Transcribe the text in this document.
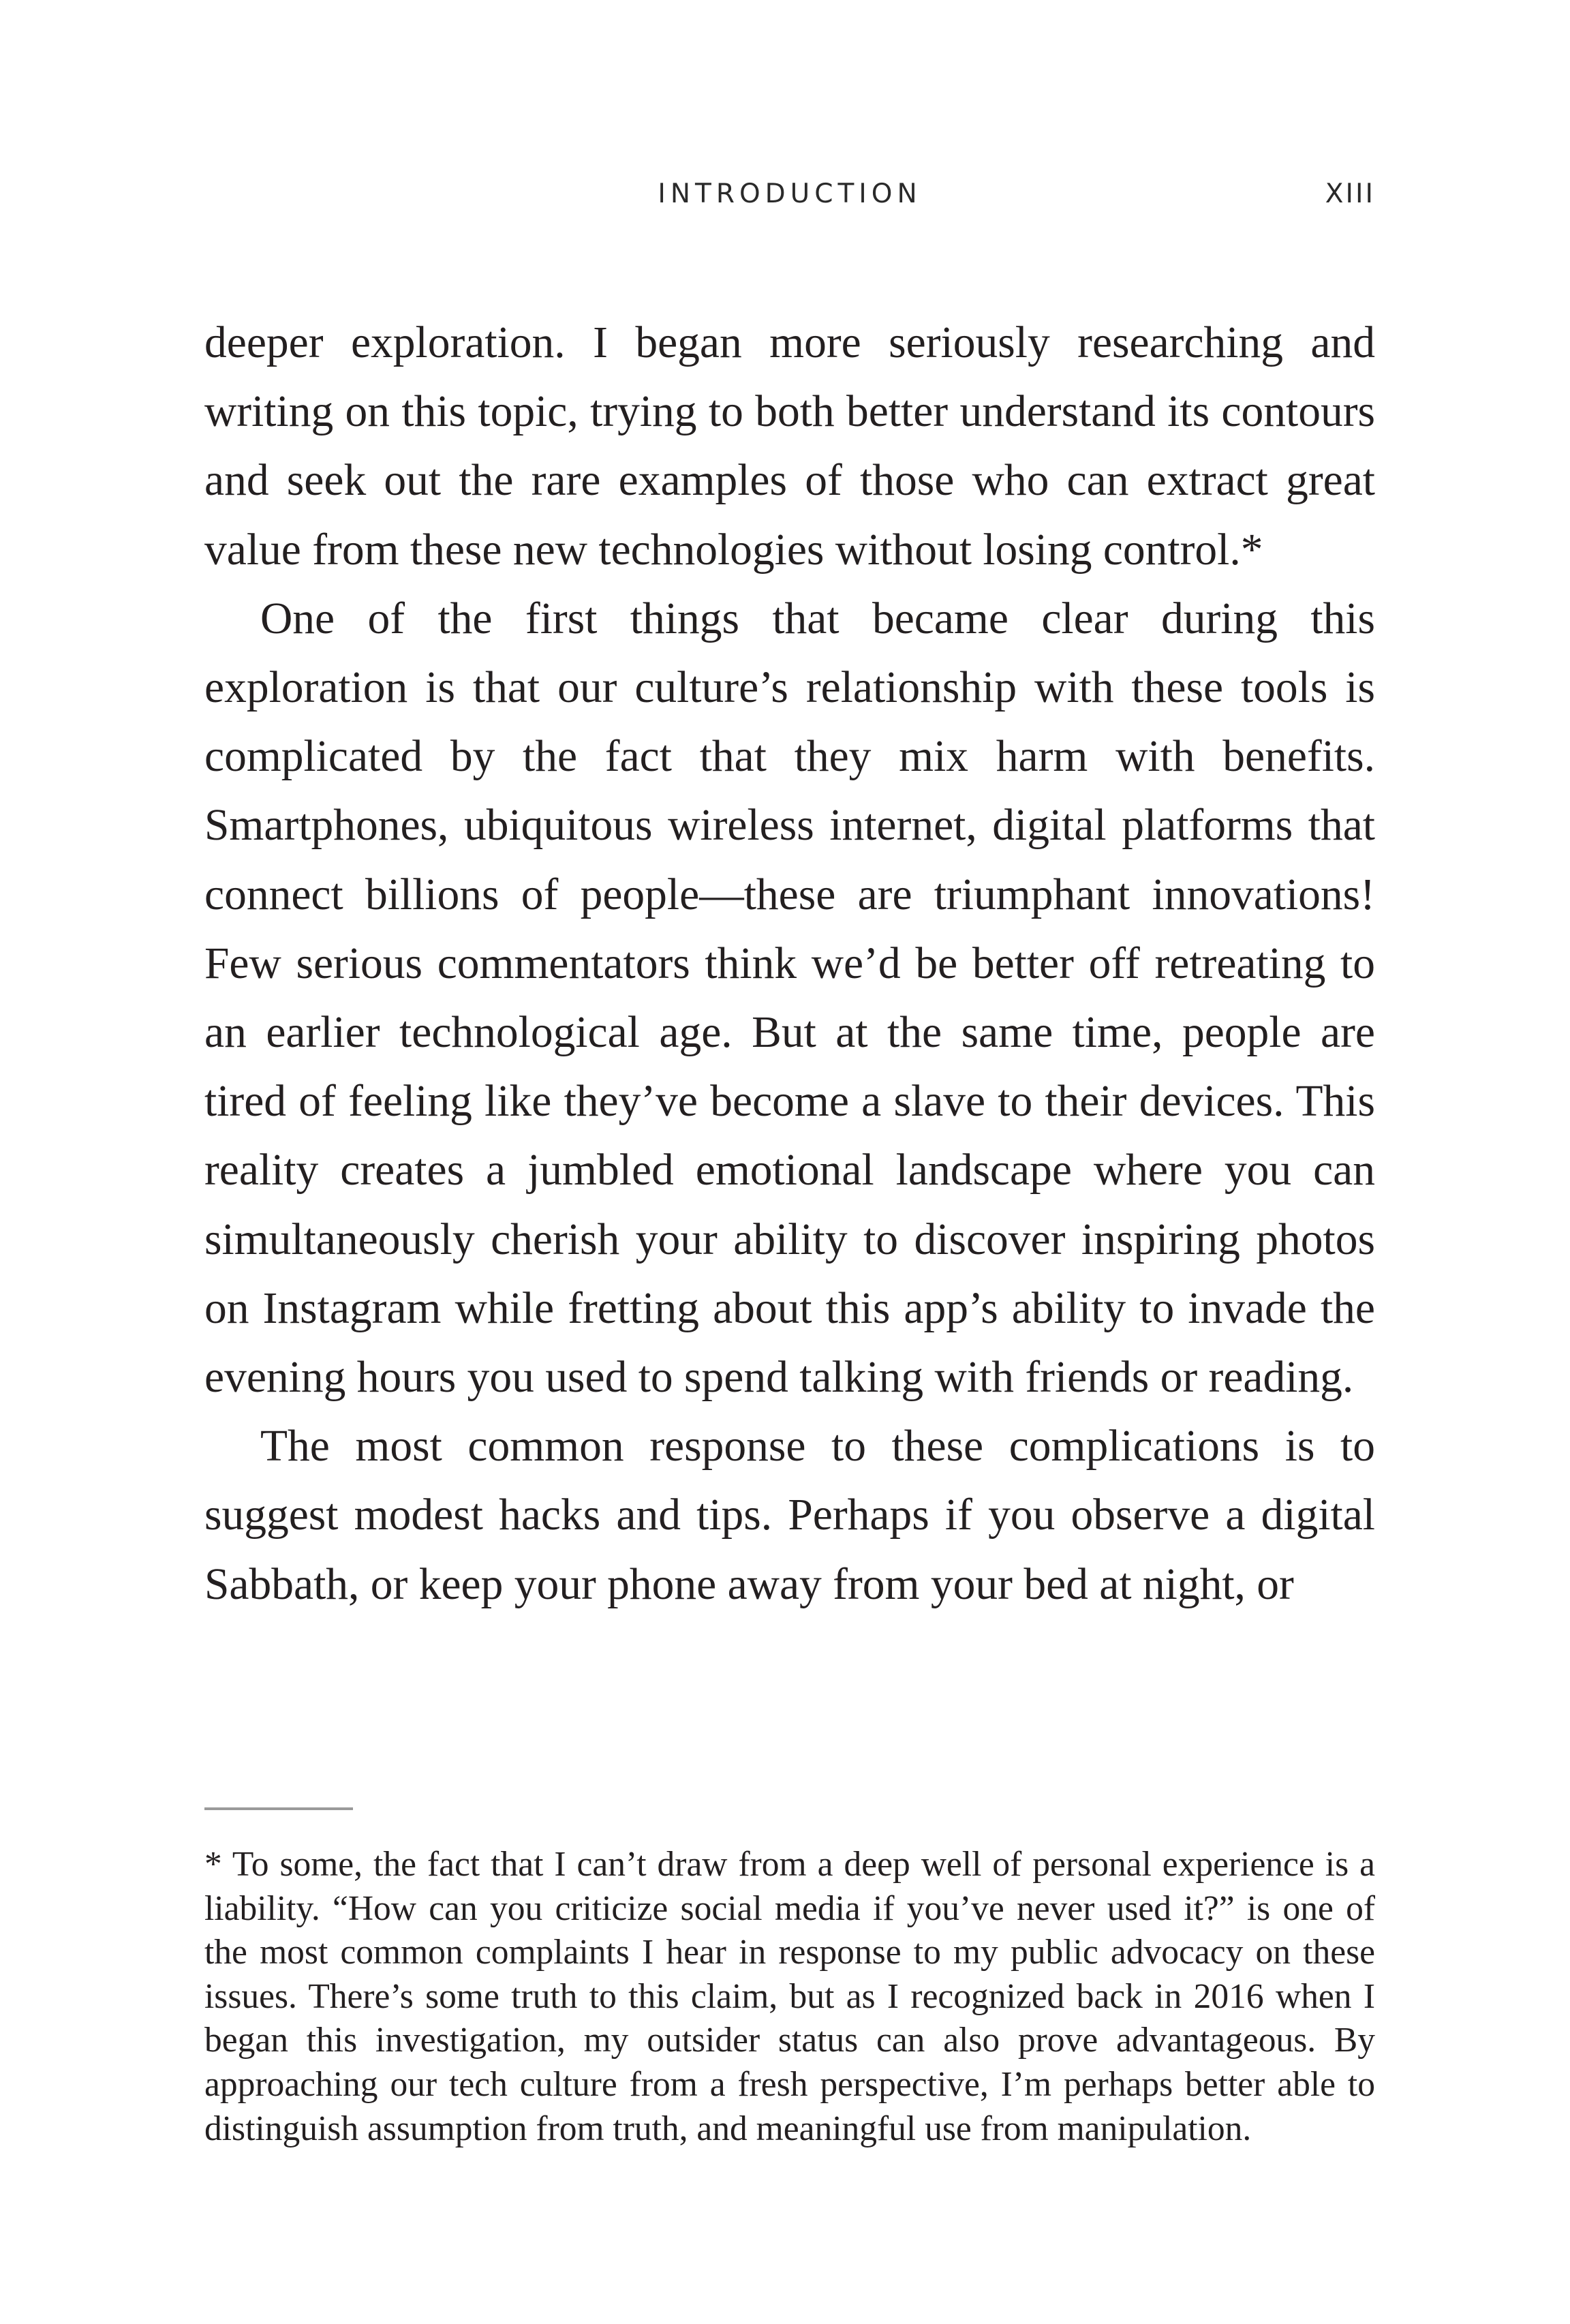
INTRODUCTION	XIII

deeper exploration. I began more seriously researching and writing on this topic, trying to both better understand its contours and seek out the rare examples of those who can extract great value from these new technologies without losing control.*

One of the first things that became clear during this exploration is that our culture’s relationship with these tools is complicated by the fact that they mix harm with benefits. Smartphones, ubiquitous wireless internet, digital platforms that connect billions of people—these are triumphant innovations! Few serious commentators think we’d be better off retreating to an earlier technological age. But at the same time, people are tired of feeling like they’ve become a slave to their devices. This reality creates a jumbled emotional landscape where you can simultaneously cherish your ability to discover inspiring photos on Instagram while fretting about this app’s ability to invade the evening hours you used to spend talking with friends or reading.

The most common response to these complications is to suggest modest hacks and tips. Perhaps if you observe a digital Sabbath, or keep your phone away from your bed at night, or

* To some, the fact that I can’t draw from a deep well of personal experience is a liability. “How can you criticize social media if you’ve never used it?” is one of the most common complaints I hear in response to my public advocacy on these issues. There’s some truth to this claim, but as I recognized back in 2016 when I began this investigation, my outsider status can also prove advantageous. By approaching our tech culture from a fresh perspective, I’m perhaps better able to distinguish assumption from truth, and meaningful use from manipulation.
